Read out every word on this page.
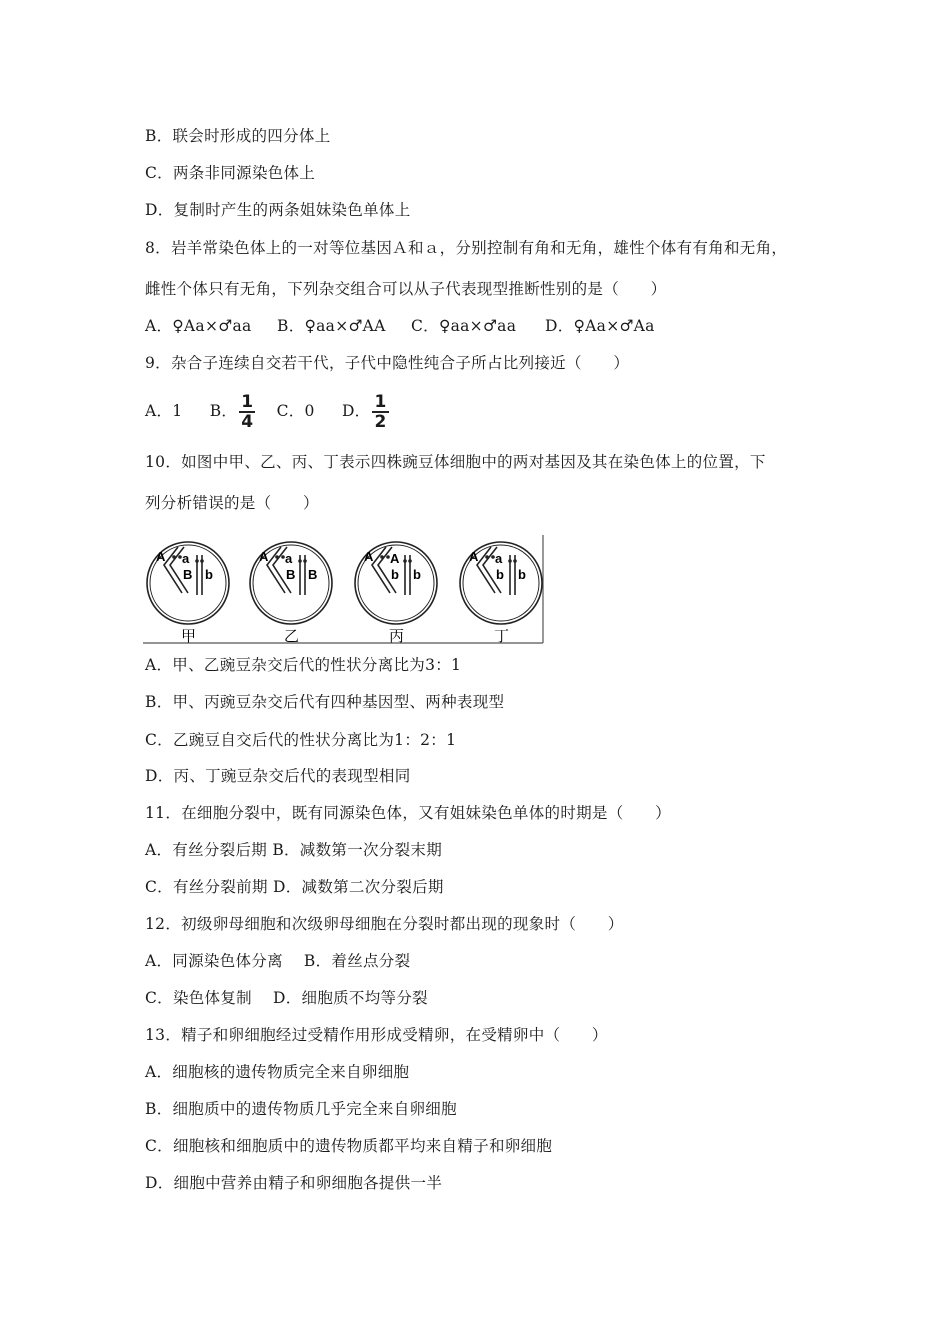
B．联会时形成的四分体上
C．两条非同源染色体上
D．复制时产生的两条姐妹染色单体上
8．岩羊常染色体上的一对等位基因Ａ和ａ，分别控制有角和无角，雄性个体有有角和无角，
雌性个体只有无角，下列杂交组合可以从子代表现型推断性别的是（　　）
A．♀Aa×♂aa B．♀aa×♂AA C．♀aa×♂aa D．♀Aa×♂Aa
9．杂合子连续自交若干代，子代中隐性纯合子所占比列接近（　　）
A．1 B． $\frac{1}{4}$ C．0 D． $\frac{1}{2}$
10．如图中甲、乙、丙、丁表示四株豌豆体细胞中的两对基因及其在染色体上的位置，下
列分析错误的是（　　）
A a
B b
甲
A a
B B
乙
A A
b b
丙
A a
b b
丁
A．甲、乙豌豆杂交后代的性状分离比为3：1
B．甲、丙豌豆杂交后代有四种基因型、两种表现型
C．乙豌豆自交后代的性状分离比为1：2：1
D．丙、丁豌豆杂交后代的表现型相同
11．在细胞分裂中，既有同源染色体，又有姐妹染色单体的时期是（　　）
A．有丝分裂后期 B．减数第一次分裂末期
C．有丝分裂前期 D．减数第二次分裂后期
12．初级卵母细胞和次级卵母细胞在分裂时都出现的现象时（　　）
A．同源染色体分离　 B．着丝点分裂
C．染色体复制　 D．细胞质不均等分裂
13．精子和卵细胞经过受精作用形成受精卵，在受精卵中（　　）
A．细胞核的遗传物质完全来自卵细胞
B．细胞质中的遗传物质几乎完全来自卵细胞
C．细胞核和细胞质中的遗传物质都平均来自精子和卵细胞
D．细胞中营养由精子和卵细胞各提供一半
